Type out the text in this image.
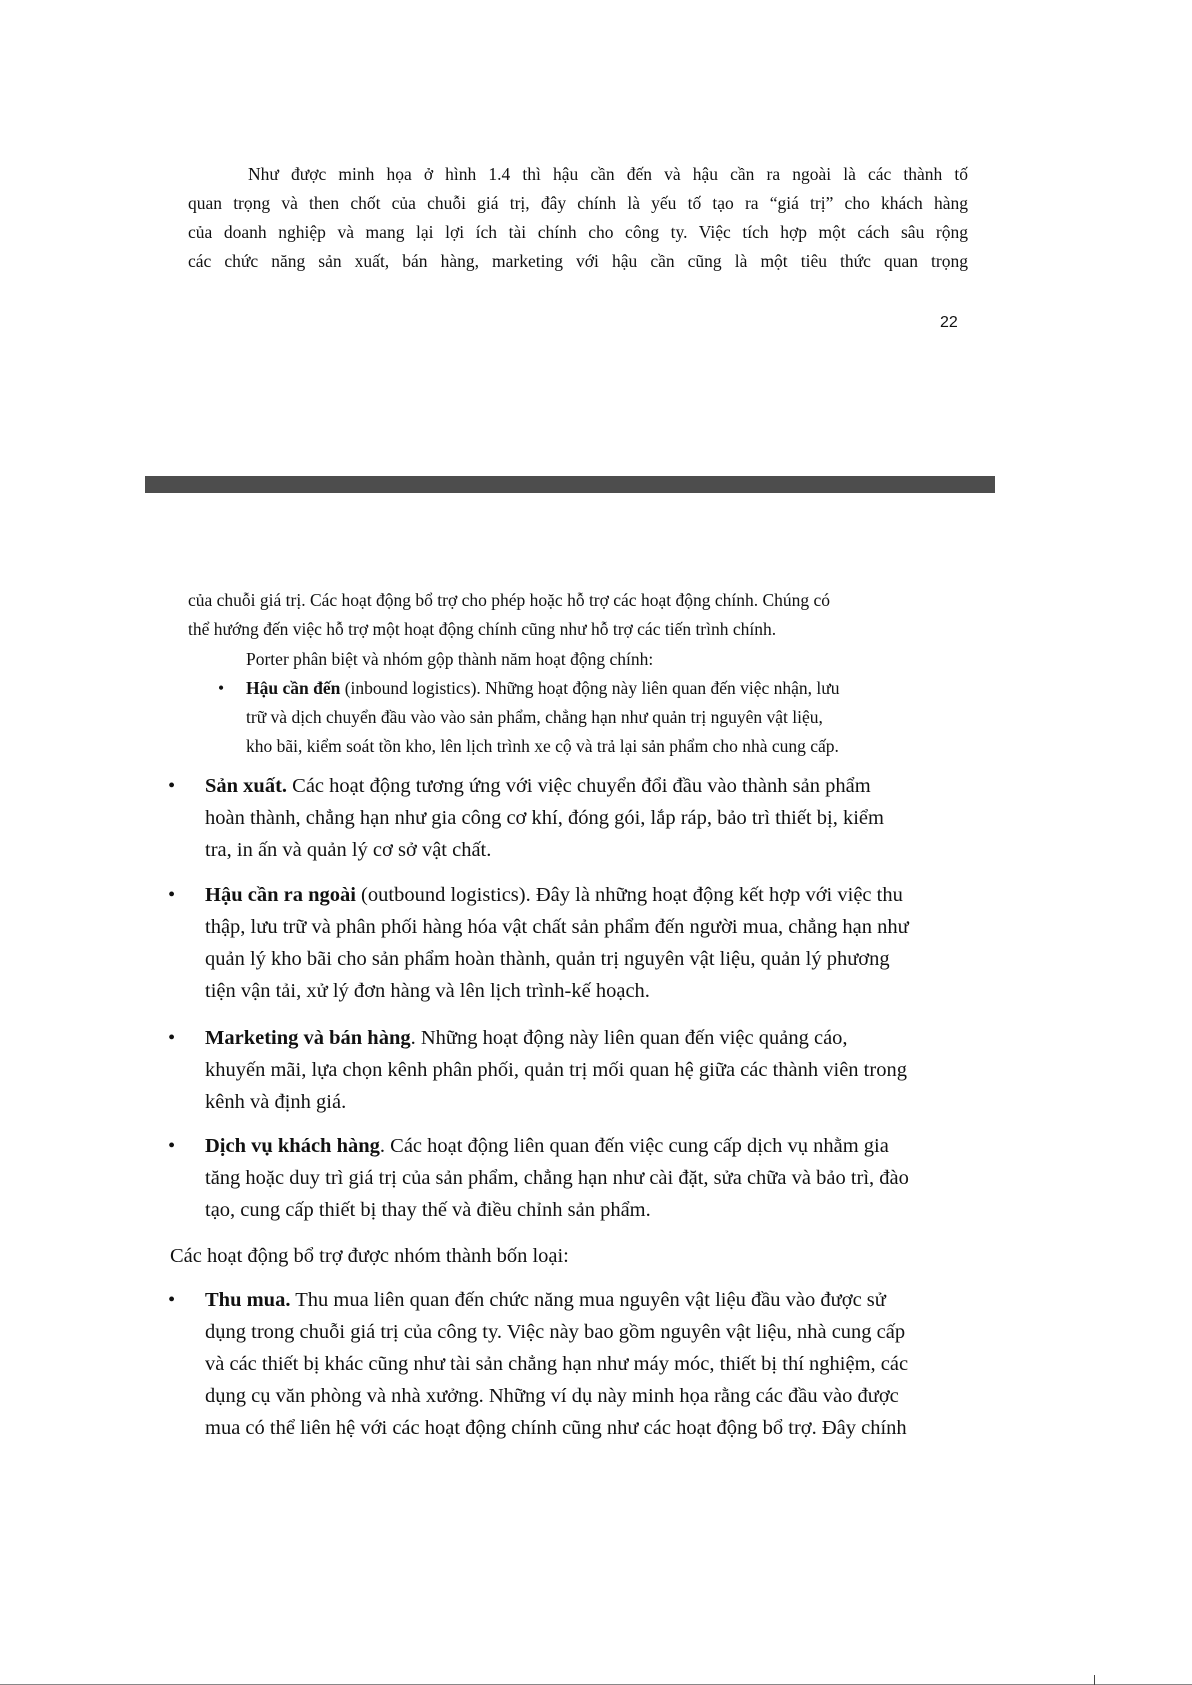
Như được minh họa ở hình 1.4 thì hậu cần đến và hậu cần ra ngoài là các thành tố
quan trọng và then chốt của chuỗi giá trị, đây chính là yếu tố tạo ra “giá trị” cho khách hàng
của doanh nghiệp và mang lại lợi ích tài chính cho công ty. Việc tích hợp một cách sâu rộng
các chức năng sản xuất, bán hàng, marketing với hậu cần cũng là một tiêu thức quan trọng
22
của chuỗi giá trị. Các hoạt động bổ trợ cho phép hoặc hỗ trợ các hoạt động chính. Chúng có
thể hướng đến việc hỗ trợ một hoạt động chính cũng như hỗ trợ các tiến trình chính.
Porter phân biệt và nhóm gộp thành năm hoạt động chính:
•	Hậu cần đến (inbound logistics). Những hoạt động này liên quan đến việc nhận, lưu
trữ và dịch chuyển đầu vào vào sản phẩm, chẳng hạn như quản trị nguyên vật liệu,
kho bãi, kiểm soát tồn kho, lên lịch trình xe cộ và trả lại sản phẩm cho nhà cung cấp.
•	Sản xuất. Các hoạt động tương ứng với việc chuyển đổi đầu vào thành sản phẩm
hoàn thành, chẳng hạn như gia công cơ khí, đóng gói, lắp ráp, bảo trì thiết bị, kiểm
tra, in ấn và quản lý cơ sở vật chất.
•	Hậu cần ra ngoài (outbound logistics). Đây là những hoạt động kết hợp với việc thu
thập, lưu trữ và phân phối hàng hóa vật chất sản phẩm đến người mua, chẳng hạn như
quản lý kho bãi cho sản phẩm hoàn thành, quản trị nguyên vật liệu, quản lý phương
tiện vận tải, xử lý đơn hàng và lên lịch trình-kế hoạch.
•	Marketing và bán hàng. Những hoạt động này liên quan đến việc quảng cáo,
khuyến mãi, lựa chọn kênh phân phối, quản trị mối quan hệ giữa các thành viên trong
kênh và định giá.
•	Dịch vụ khách hàng. Các hoạt động liên quan đến việc cung cấp dịch vụ nhằm gia
tăng hoặc duy trì giá trị của sản phẩm, chẳng hạn như cài đặt, sửa chữa và bảo trì, đào
tạo, cung cấp thiết bị thay thế và điều chỉnh sản phẩm.
Các hoạt động bổ trợ được nhóm thành bốn loại:
•	Thu mua. Thu mua liên quan đến chức năng mua nguyên vật liệu đầu vào được sử
dụng trong chuỗi giá trị của công ty. Việc này bao gồm nguyên vật liệu, nhà cung cấp
và các thiết bị khác cũng như tài sản chẳng hạn như máy móc, thiết bị thí nghiệm, các
dụng cụ văn phòng và nhà xưởng. Những ví dụ này minh họa rằng các đầu vào được
mua có thể liên hệ với các hoạt động chính cũng như các hoạt động bổ trợ. Đây chính
